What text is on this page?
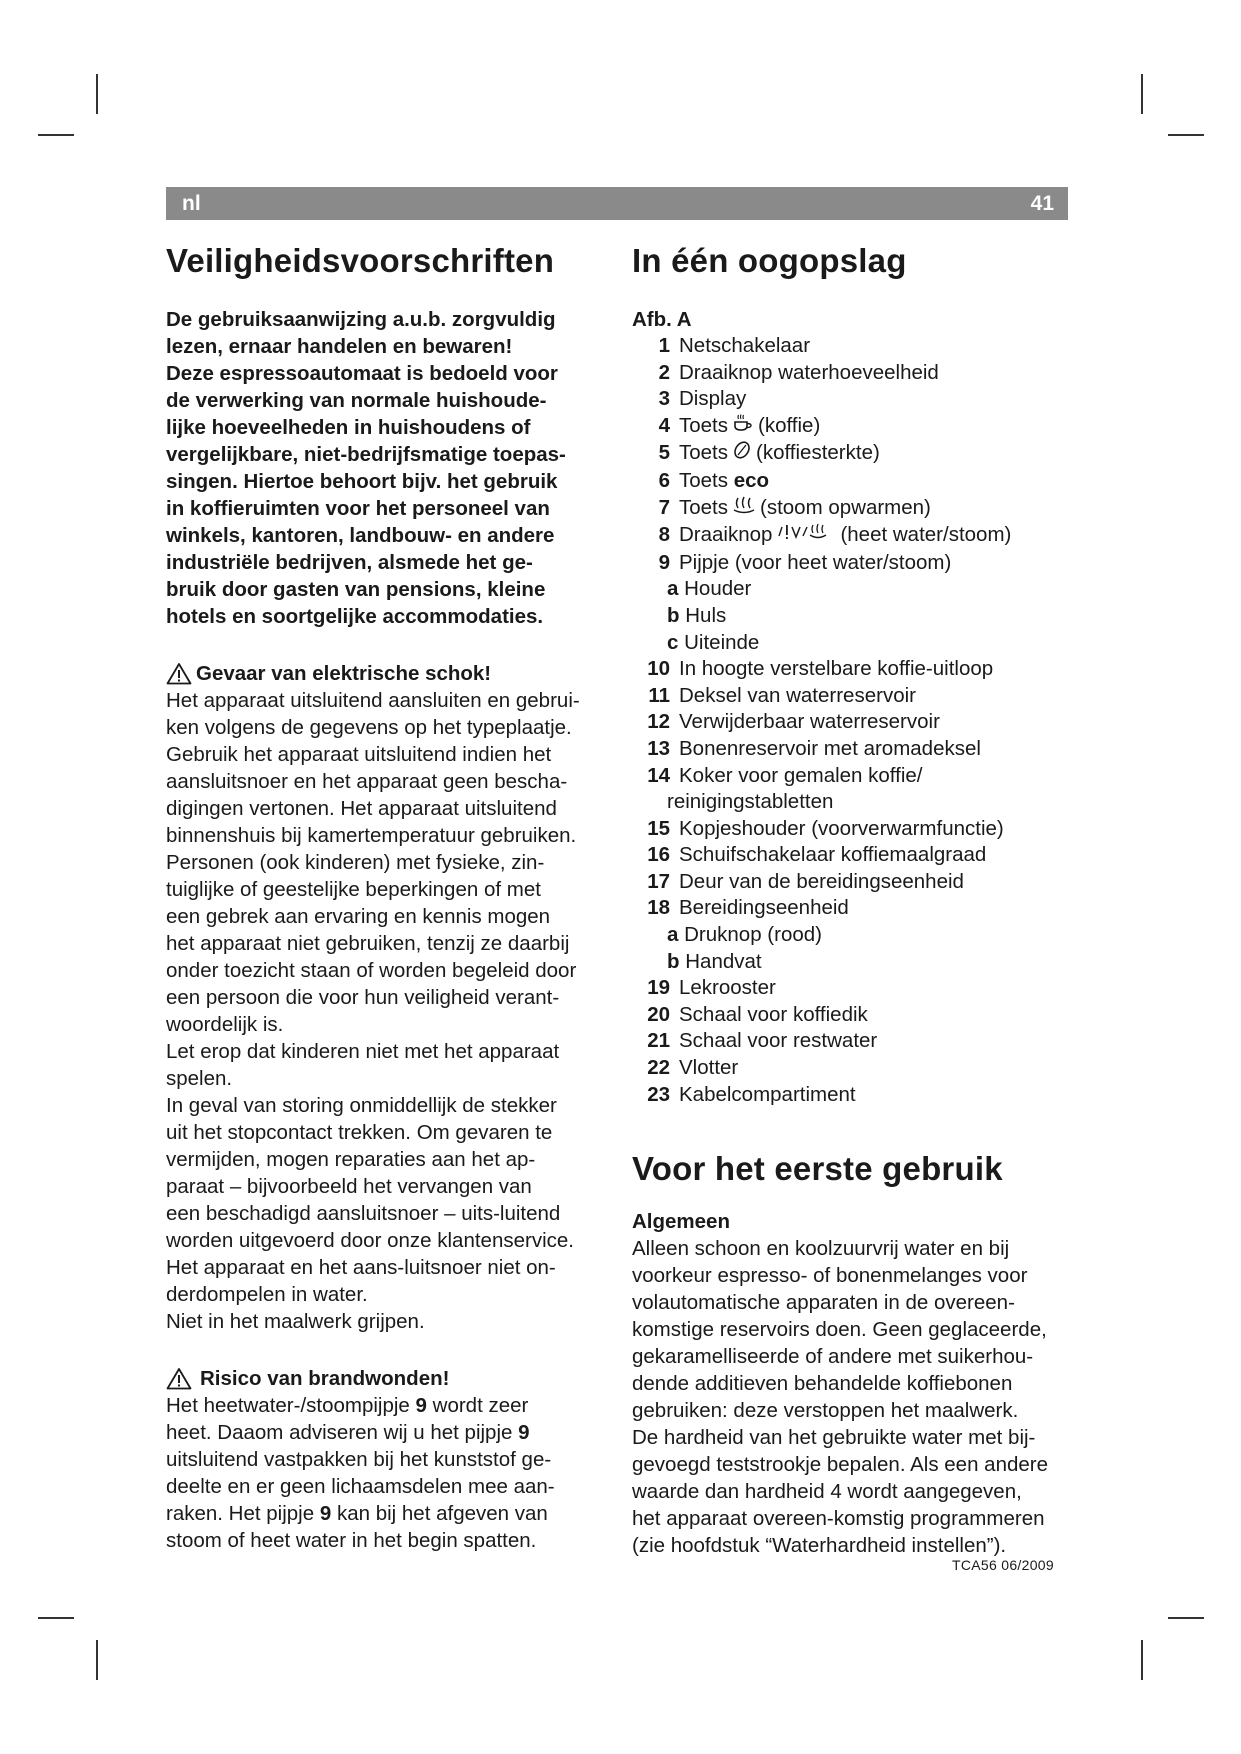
nl	41
Veiligheidsvoorschriften

De gebruiksaanwijzing a.u.b. zorgvuldig

lezen, ernaar handelen en bewaren!

Deze espressoautomaat is bedoeld voor

de verwerking van normale huishoude-

lijke hoeveelheden in huishoudens of

vergelijkbare, niet-bedrijfsmatige toepas-

singen. Hiertoe behoort bijv. het gebruik

in koffieruimten voor het personeel van

winkels, kantoren, landbouw- en andere

industriële bedrijven, alsmede het ge-

bruik door gasten van pensions, kleine

hotels en soortgelijke accommodaties.

Gevaar van elektrische schok!

Het apparaat uitsluitend aansluiten en gebrui-

ken volgens de gegevens op het typeplaatje.

Gebruik het apparaat uitsluitend indien het

aansluitsnoer en het apparaat geen bescha-

digingen vertonen. Het apparaat uitsluitend

binnenshuis bij kamertemperatuur gebruiken.

Personen (ook kinderen) met fysieke, zin-

tuiglijke of geestelijke beperkingen of met

een gebrek aan ervaring en kennis mogen

het apparaat niet gebruiken, tenzij ze daarbij

onder toezicht staan of worden begeleid door

een persoon die voor hun veiligheid verant-

woordelijk is.

Let erop dat kinderen niet met het apparaat

spelen.

In geval van storing onmiddellijk de stekker

uit het stopcontact trekken. Om gevaren te

vermijden, mogen reparaties aan het ap-

paraat – bijvoorbeeld het vervangen van

een beschadigd aansluitsnoer – uits-luitend

worden uitgevoerd door onze klantenservice.

Het apparaat en het aans-luitsnoer niet on-

derdompelen in water.

Niet in het maalwerk grijpen.

Risico van brandwonden!

Het heetwater-/stoompijpje 9 wordt zeer

heet. Daaom adviseren wij u het pijpje 9

uitsluitend vastpakken bij het kunststof ge-

deelte en er geen lichaamsdelen mee aan-

raken. Het pijpje 9 kan bij het afgeven van

stoom of heet water in het begin spatten.

In één oogopslag
Afb. A
1 Netschakelaar
2 Draaiknop waterhoeveelheid
3 Display
4 Toets (koffie)
5 Toets (koffiesterkte)
6 Toets
eco
7 Toets (stoom opwarmen)
8 Draaiknop	(heet water/stoom)
9 Pijpje (voor heet water/stoom)
a
Houder
b
Huls
c
Uiteinde
10 In hoogte verstelbare koffie-uitloop
11 Deksel van waterreservoir
12 Verwijderbaar waterreservoir
13 Bonenreservoir met aromadeksel
14 Koker voor gemalen koffie/
reinigingstabletten
15 Kopjeshouder (voorverwarmfunctie)
16 Schuifschakelaar koffiemaalgraad
17 Deur van de bereidingseenheid
18 Bereidingseenheid
a
Druknop (rood)
b
Handvat
19 Lekrooster
20 Schaal voor koffiedik
21 Schaal voor restwater
22 Vlotter
23 Kabelcompartiment
Voor het eerste gebruik
Algemeen

Alleen schoon en koolzuurvrij water en bij

voorkeur espresso- of bonenmelanges voor

volautomatische apparaten in de overeen-

komstige reservoirs doen. Geen geglaceerde,

gekaramelliseerde of andere met suikerhou-

dende additieven behandelde koffiebonen

gebruiken: deze verstoppen het maalwerk.

De hardheid van het gebruikte water met bij-

gevoegd teststrookje bepalen. Als een andere

waarde dan hardheid 4 wordt aangegeven,

het apparaat overeen-komstig programmeren

(zie hoofdstuk “Waterhardheid instellen”).

TCA56 06/2009
